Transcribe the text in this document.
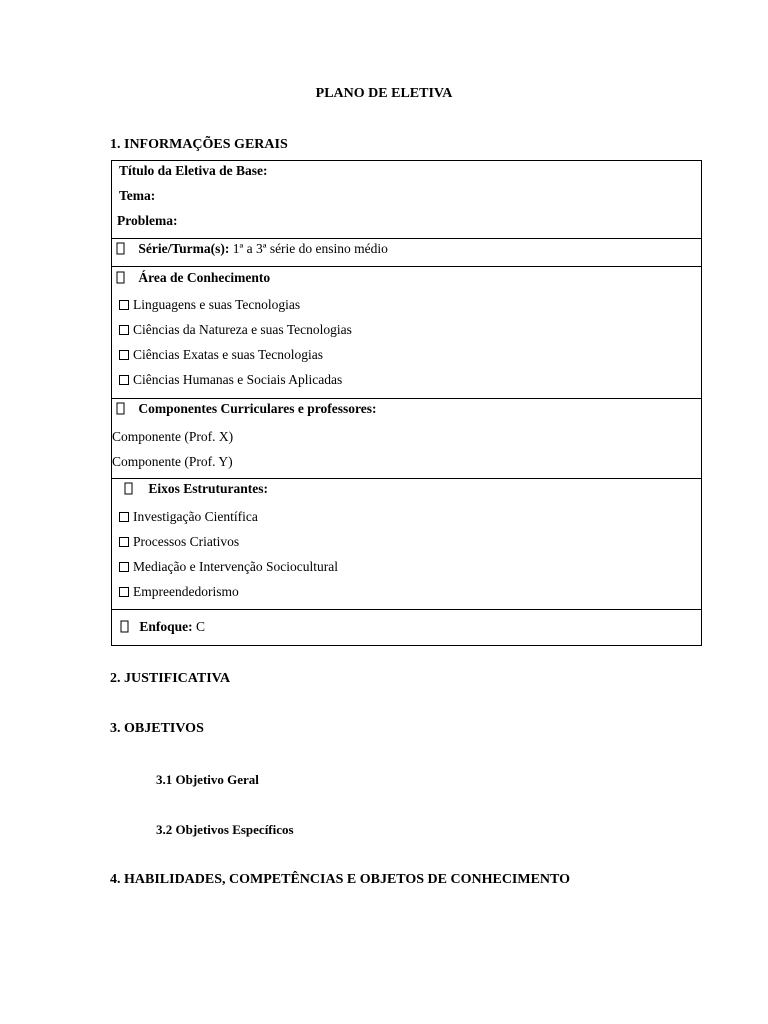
PLANO DE ELETIVA
1. INFORMAÇÕES GERAIS
Título da Eletiva de Base:
Tema:
Problema:
Série/Turma(s): 1ª a 3ª série do ensino médio
Área de Conhecimento
Linguagens e suas Tecnologias
Ciências da Natureza e suas Tecnologias
Ciências Exatas e suas Tecnologias
Ciências Humanas e Sociais Aplicadas
Componentes Curriculares e professores:
Componente (Prof. X)
Componente (Prof. Y)
Eixos Estruturantes:
Investigação Científica
Processos Criativos
Mediação e Intervenção Sociocultural
Empreendedorismo
Enfoque: C
2. JUSTIFICATIVA
3. OBJETIVOS
3.1 Objetivo Geral
3.2 Objetivos Específicos
4. HABILIDADES, COMPETÊNCIAS E OBJETOS DE CONHECIMENTO
